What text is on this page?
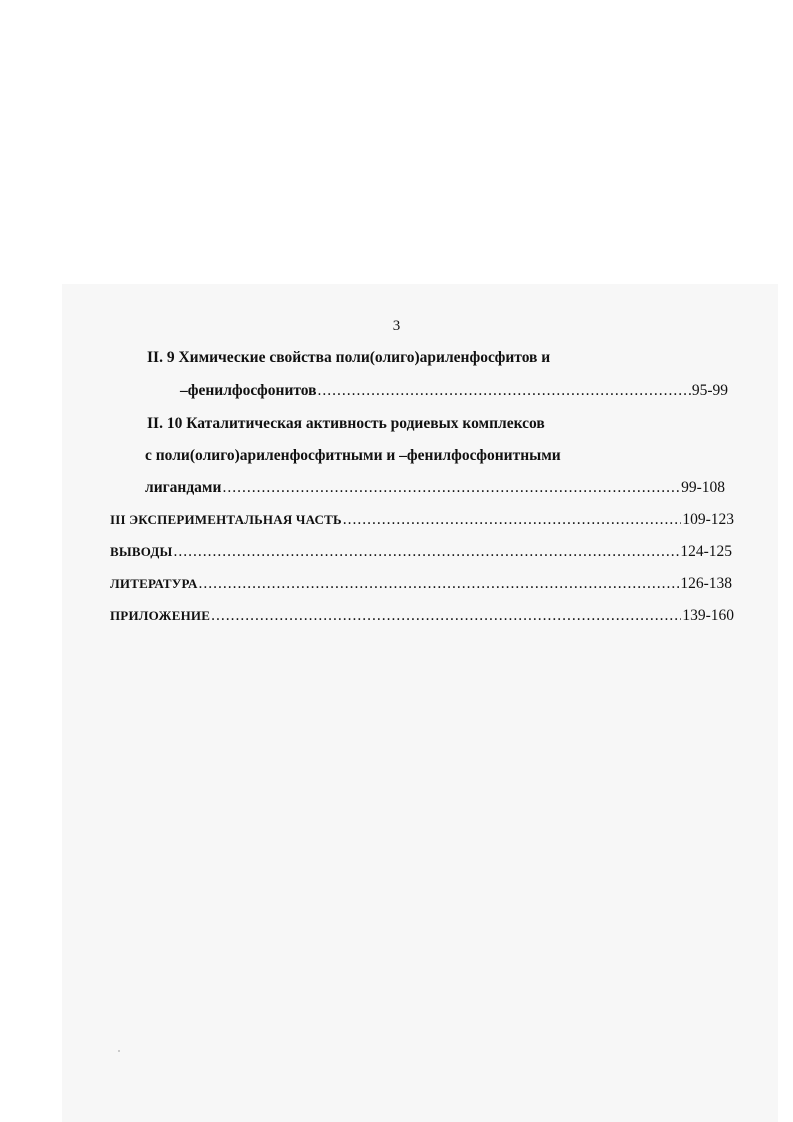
3
II. 9 Химические свойства поли(олиго)ариленфосфитов и
–фенилфосфонитов .....	95-99
II. 10 Каталитическая активность родиевых комплексов
с поли(олиго)ариленфосфитными и –фенилфосфонитными
лигандами .....	99-108
III ЭКСПЕРИМЕНТАЛЬНАЯ ЧАСТЬ .....	109-123
ВЫВОДЫ .....	124-125
ЛИТЕРАТУРА .....	126-138
ПРИЛОЖЕНИЕ .....	139-160
